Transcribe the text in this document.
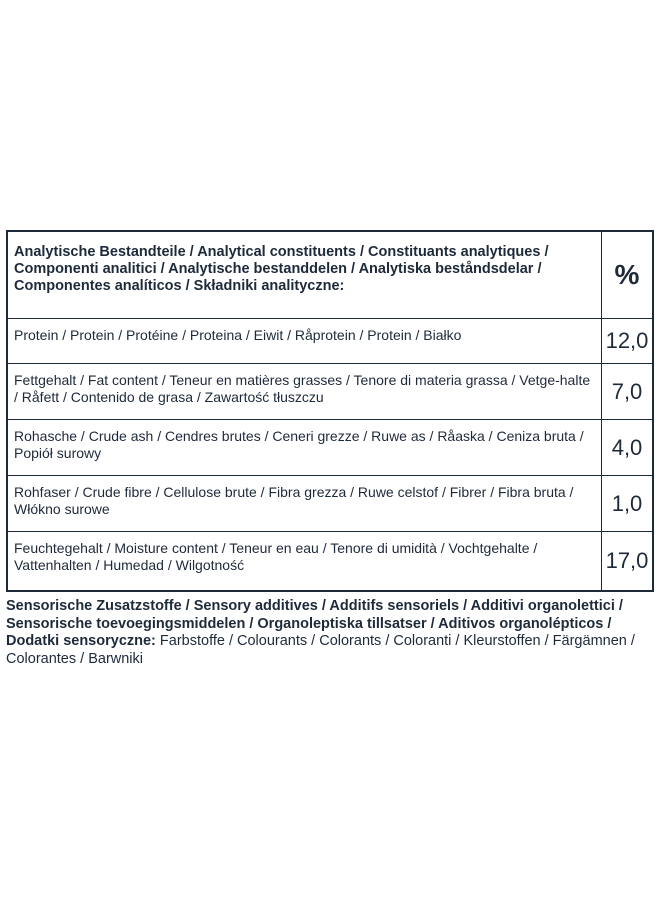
Analytische Bestandteile / Analytical constituents / Constituants analytiques / Componenti analitici / Analytische bestanddelen / Analytiska beståndsdelar / Componentes analíticos / Składniki analityczne:	%
Protein / Protein / Protéine / Proteina / Eiwit / Råprotein / Protein / Białko	12,0
Fettgehalt / Fat content / Teneur en matières grasses / Tenore di materia grassa / Vetge-halte / Råfett / Contenido de grasa / Zawartość tłuszczu	7,0
Rohasche / Crude ash / Cendres brutes / Ceneri grezze / Ruwe as / Råaska / Ceniza bruta / Popiół surowy	4,0
Rohfaser / Crude fibre / Cellulose brute / Fibra grezza / Ruwe celstof / Fibrer / Fibra bruta / Włókno surowe	1,0
Feuchtegehalt / Moisture content / Teneur en eau / Tenore di umidità / Vochtgehalte / Vattenhalten / Humedad / Wilgotność	17,0
Sensorische Zusatzstoffe / Sensory additives / Additifs sensoriels / Additivi organolettici / Sensorische toevoegingsmiddelen / Organoleptiska tillsatser / Aditivos organolépticos / Dodatki sensoryczne: Farbstoffe / Colourants / Colorants / Coloranti / Kleurstoffen / Färgämnen / Colorantes / Barwniki
